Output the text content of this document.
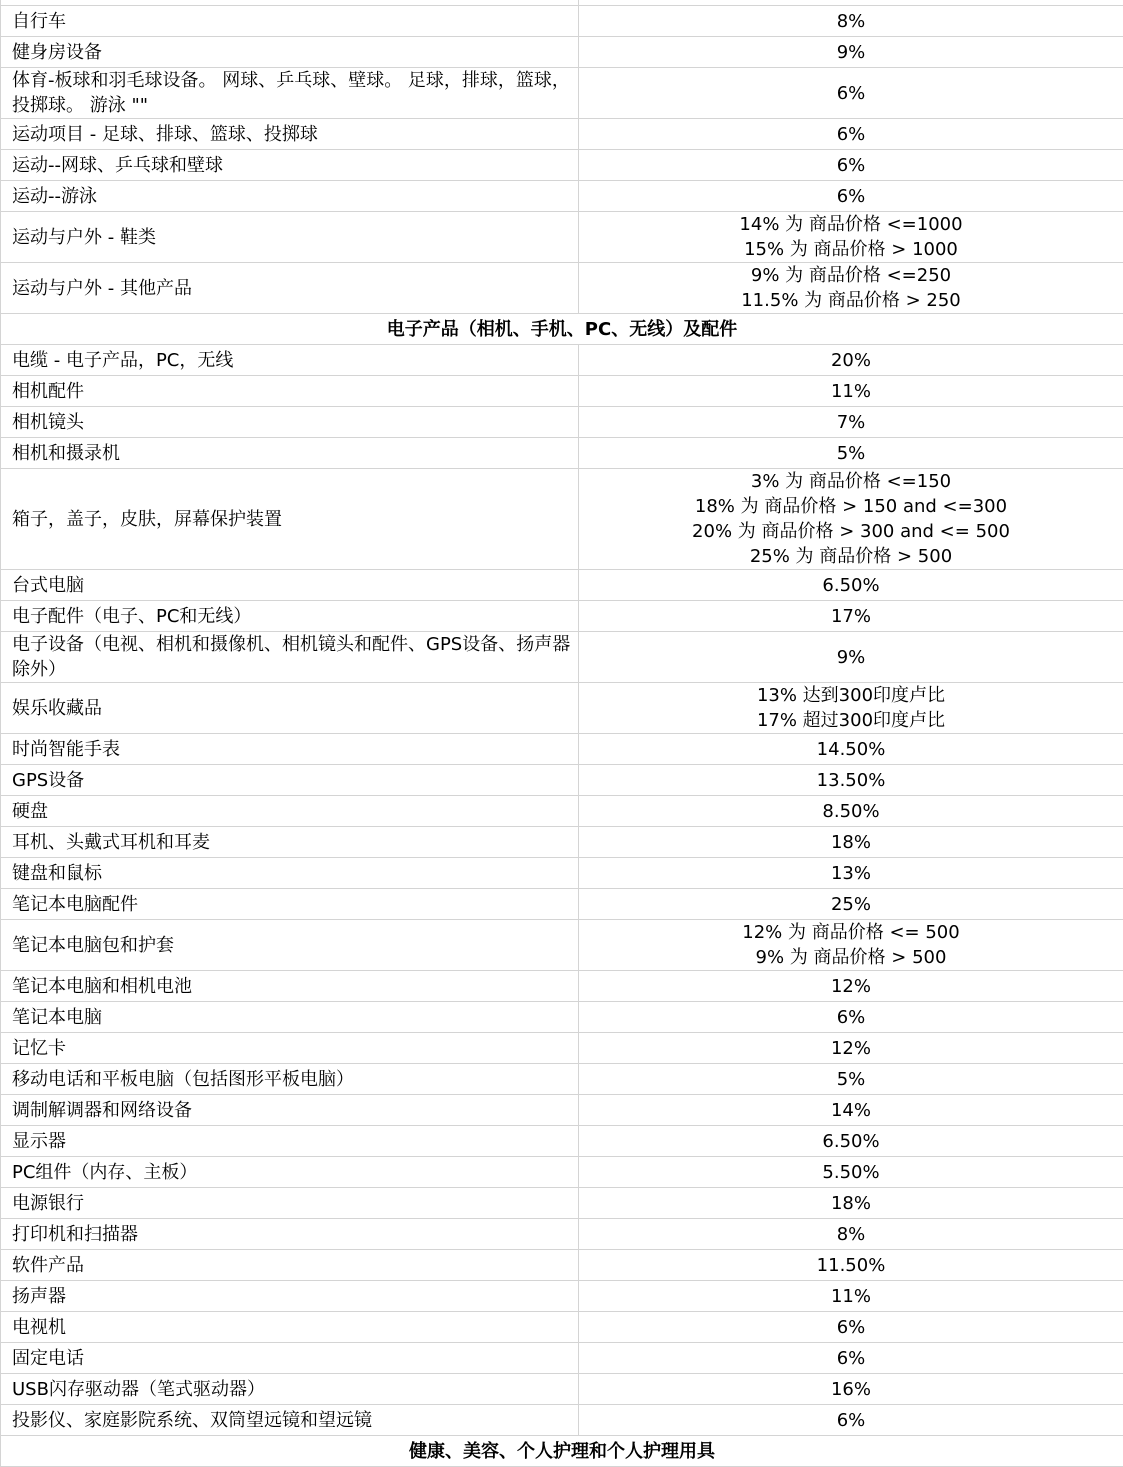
自行车	8%

健身房设备	9%

体育-板球和羽毛球设备。 网球、乒乓球、壁球。 足球，排球，篮球，投掷球。 游泳 ""	6%

运动项目 - 足球、排球、篮球、投掷球	6%

运动--网球、乒乓球和壁球	6%

运动--游泳	6%

运动与户外 - 鞋类	14% 为 商品价格 <=1000
15% 为 商品价格 > 1000

运动与户外 - 其他产品	9% 为 商品价格 <=250
11.5% 为 商品价格 > 250

电子产品（相机、手机、PC、无线）及配件	
电缆 - 电子产品，PC，无线	20%

相机配件	11%

相机镜头	7%

相机和摄录机	5%

箱子，盖子，皮肤，屏幕保护装置	3% 为 商品价格 <=150
18% 为 商品价格 > 150 and <=300
20% 为 商品价格 > 300 and <= 500
25% 为 商品价格 > 500

台式电脑	6.50%

电子配件（电子、PC和无线）	17%

电子设备（电视、相机和摄像机、相机镜头和配件、GPS设备、扬声器除外）	9%

娱乐收藏品	13% 达到300印度卢比
17% 超过300印度卢比

时尚智能手表	14.50%

GPS设备	13.50%

硬盘	8.50%

耳机、头戴式耳机和耳麦	18%

键盘和鼠标	13%

笔记本电脑配件	25%

笔记本电脑包和护套	12% 为 商品价格 <= 500
9% 为 商品价格 > 500

笔记本电脑和相机电池	12%

笔记本电脑	6%

记忆卡	12%

移动电话和平板电脑（包括图形平板电脑）	5%

调制解调器和网络设备	14%

显示器	6.50%

PC组件（内存、主板）	5.50%

电源银行	18%

打印机和扫描器	8%

软件产品	11.50%

扬声器	11%

电视机	6%

固定电话	6%

USB闪存驱动器（笔式驱动器）	16%

投影仪、家庭影院系统、双筒望远镜和望远镜	6%

健康、美容、个人护理和个人护理用具	
